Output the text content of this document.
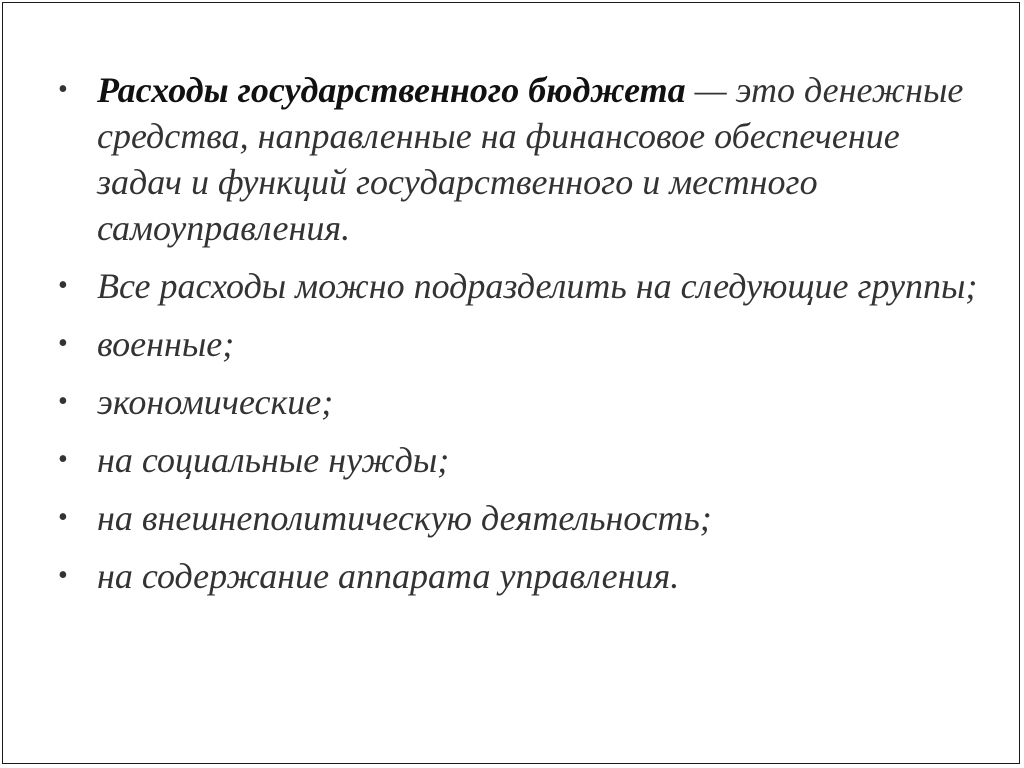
• Расходы государственного бюджета — это денежные средства, направленные на финансовое обеспечение задач и функций государственного и местного самоуправления.
• Все расходы можно подразделить на следующие группы;
• военные;
• экономические;
• на социальные нужды;
• на внешнеполитическую деятельность;
• на содержание аппарата управления.
